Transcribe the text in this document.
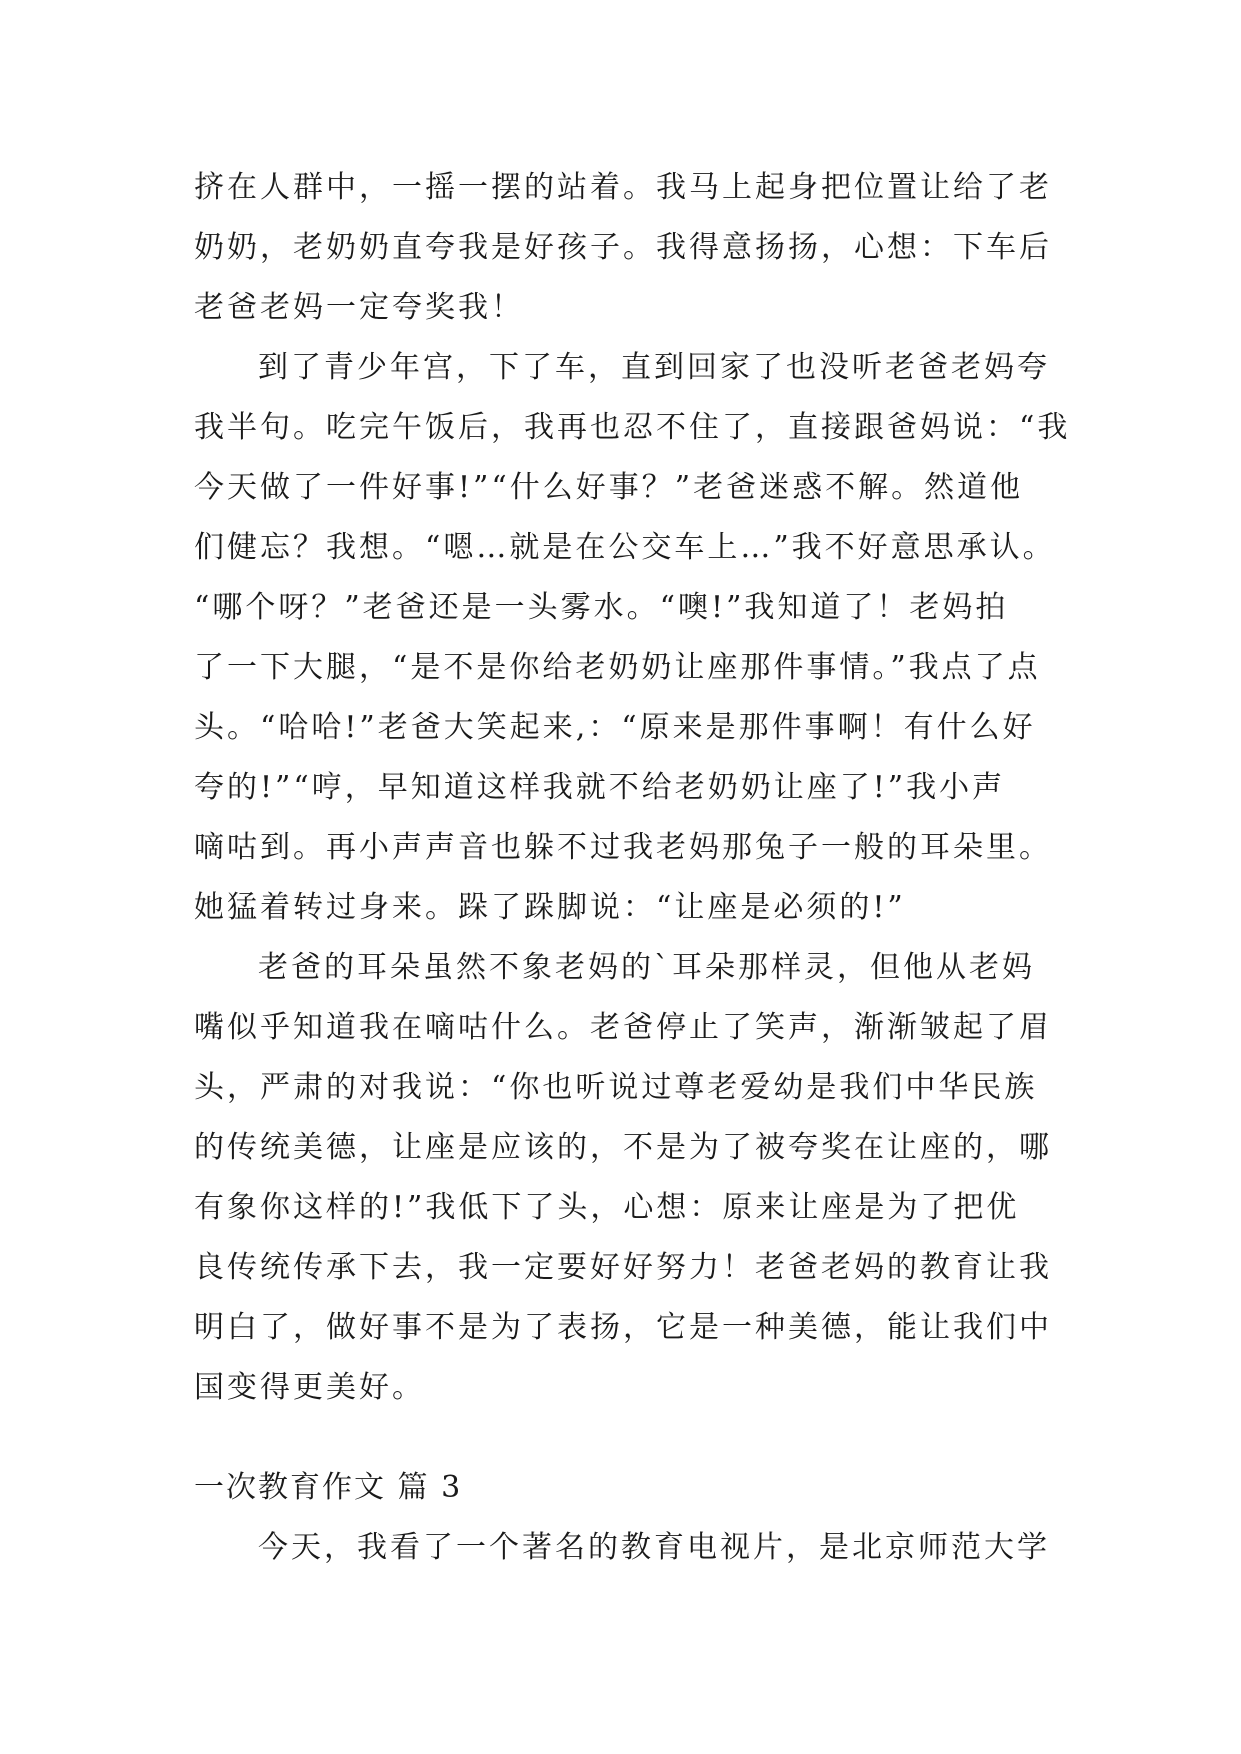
挤在人群中，一摇一摆的站着。我马上起身把位置让给了老
奶奶，老奶奶直夸我是好孩子。我得意扬扬，心想：下车后
老爸老妈一定夸奖我！
到了青少年宫，下了车，直到回家了也没听老爸老妈夸
我半句。吃完午饭后，我再也忍不住了，直接跟爸妈说：“我
今天做了一件好事!”“什么好事？”老爸迷惑不解。然道他
们健忘？我想。“嗯…就是在公交车上…”我不好意思承认。
“哪个呀？”老爸还是一头雾水。“噢!”我知道了！老妈拍
了一下大腿，“是不是你给老奶奶让座那件事情。”我点了点
头。“哈哈!”老爸大笑起来,：“原来是那件事啊！有什么好
夸的!”“哼，早知道这样我就不给老奶奶让座了!”我小声
嘀咕到。再小声声音也躲不过我老妈那兔子一般的耳朵里。
她猛着转过身来。跺了跺脚说：“让座是必须的!”
老爸的耳朵虽然不象老妈的`耳朵那样灵，但他从老妈
嘴似乎知道我在嘀咕什么。老爸停止了笑声，渐渐皱起了眉
头，严肃的对我说：“你也听说过尊老爱幼是我们中华民族
的传统美德，让座是应该的，不是为了被夸奖在让座的，哪
有象你这样的!”我低下了头，心想：原来让座是为了把优
良传统传承下去，我一定要好好努力！老爸老妈的教育让我
明白了，做好事不是为了表扬，它是一种美德，能让我们中
国变得更美好。
一次教育作文 篇 3
今天，我看了一个著名的教育电视片，是北京师范大学
